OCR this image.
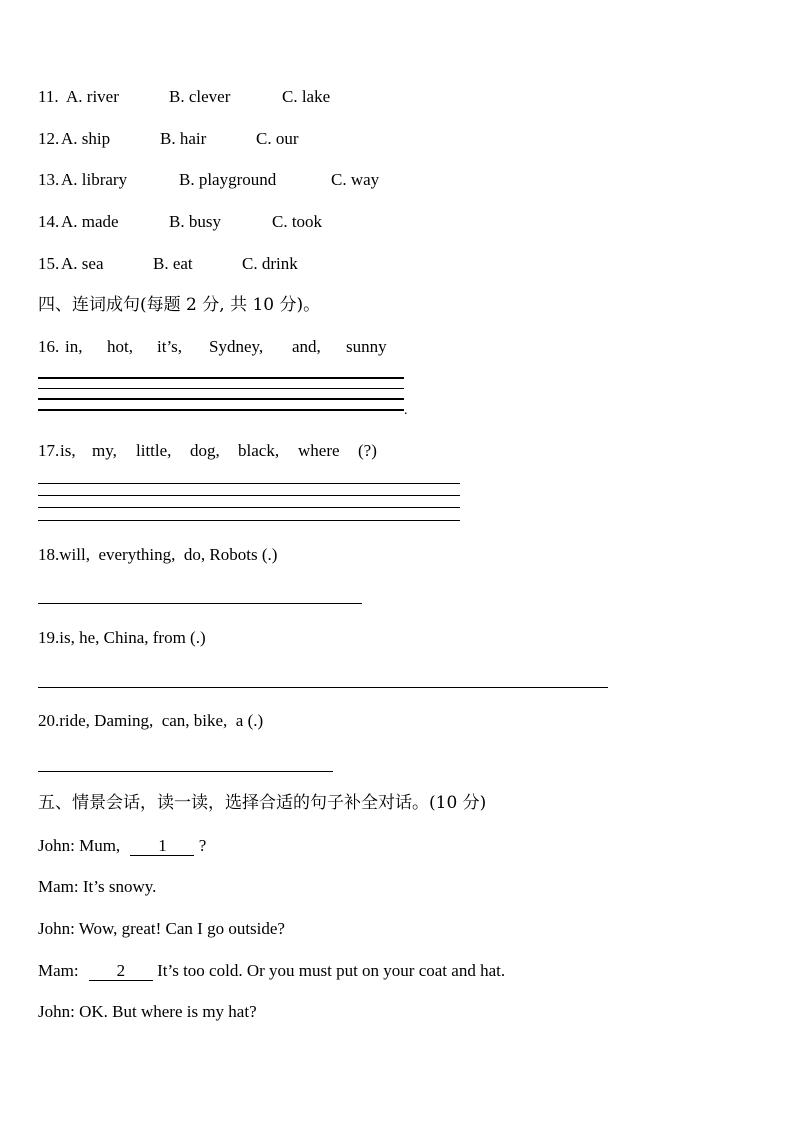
11. A. river	B. clever	C. lake
12. A. ship	B. hair	C. our
13. A. library	B. playground	C. way
14. A. made	B. busy	C. took
15. A. sea	B. eat	C. drink
四、连词成句(每题 2 分, 共 10 分)。
16. in, hot, it’s, Sydney, and, sunny
.
17. is, my, little, dog, black, where (?)
18.will,  everything,  do, Robots (.)
19.is, he, China, from (.)
20.ride, Daming,  can, bike,  a (.)
五、情景会话，读一读，选择合适的句子补全对话。(10 分)
John: Mum, 1 ?
Mam: It’s snowy.
John: Wow, great! Can I go outside?
Mam: 2 It’s too cold. Or you must put on your coat and hat.
John: OK. But where is my hat?
